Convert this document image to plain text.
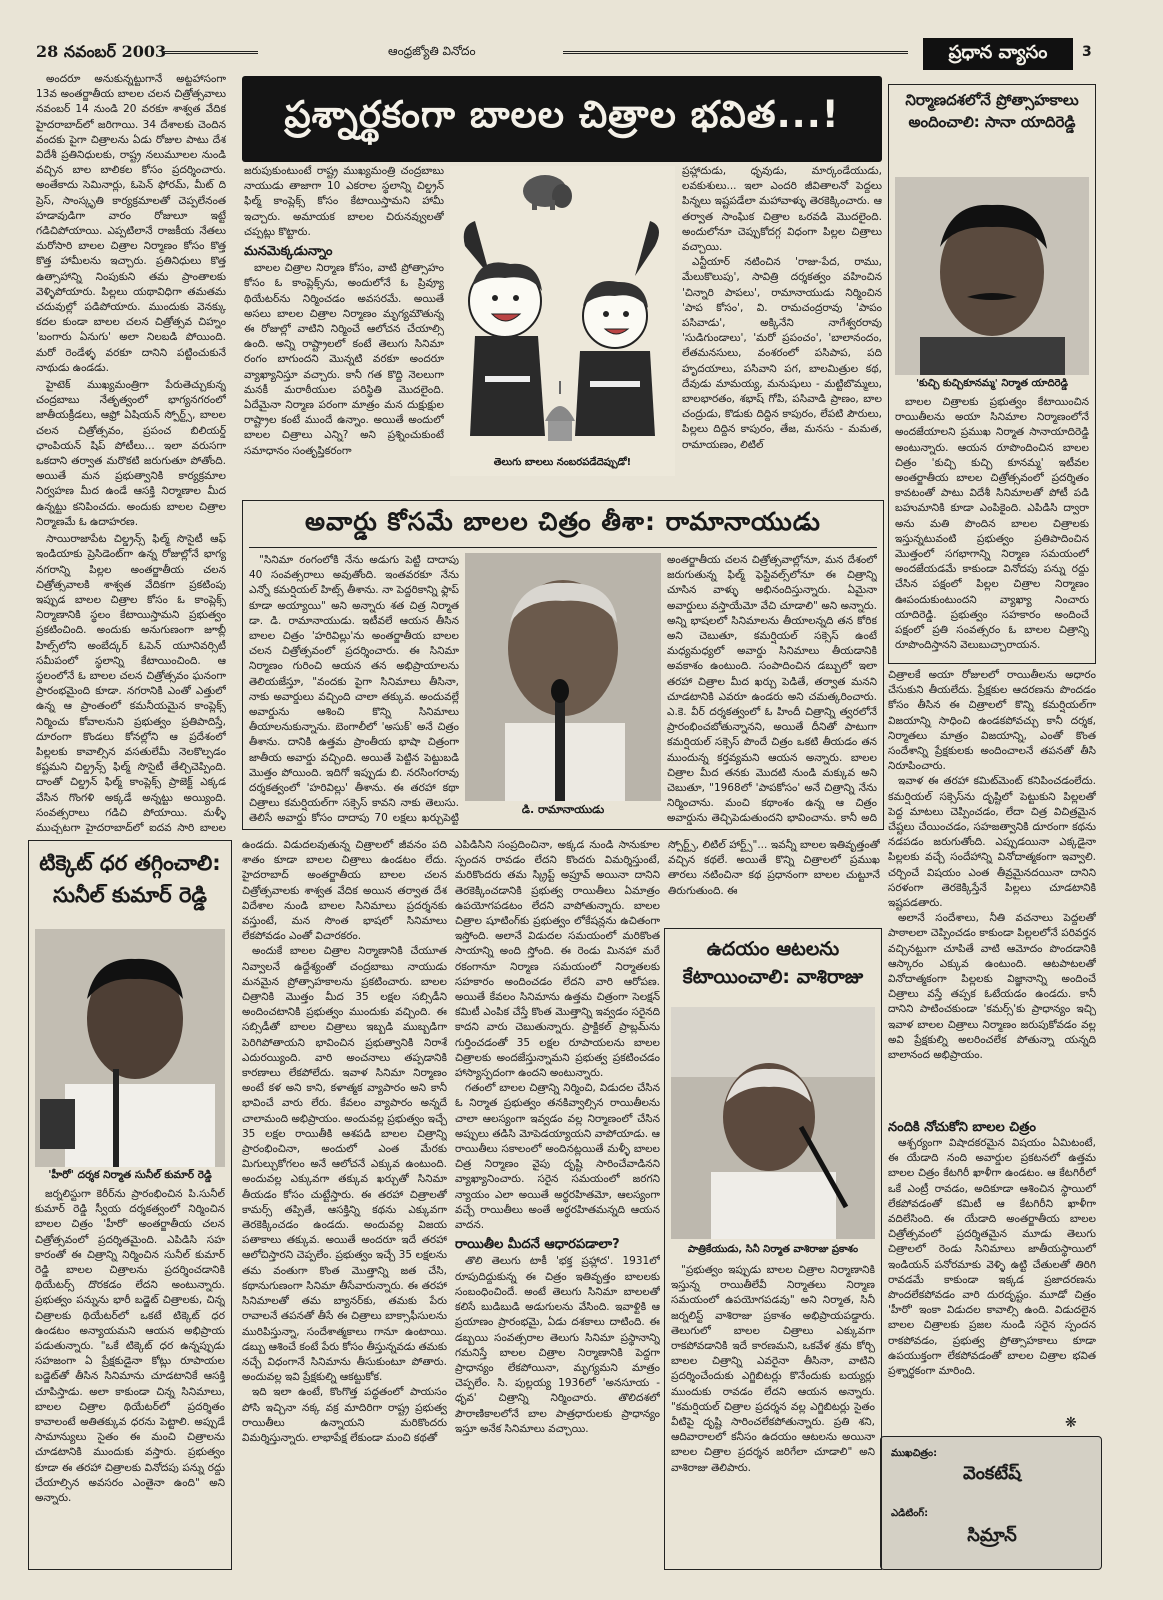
28 నవంబర్ 2003	ఆంధ్రజ్యోతి వినోదం	ప్రధాన వ్యాసం	3

అందరూ అనుకున్నట్టుగానే అట్టహాసంగా 13వ అంతర్జాతీయ బాలల చలన చిత్రోత్సవాలు నవంబర్ 14 నుండి 20 వరకూ శాశ్వత వేదిక హైదరాబాద్‌లో జరిగాయి. 34 దేశాలకు చెందిన వందకు పైగా చిత్రాలను ఏడు రోజుల పాటు దేశ విదేశీ ప్రతినిధులకు, రాష్ట్ర నలుమూలల నుండి వచ్చిన బాల బాలికల కోసం ప్రదర్శించారు. అంతేకాదు సెమినార్లు, ఓపెన్ ఫోరమ్, మీట్ ది ప్రెస్, సాంస్కృతి కార్యక్రమాలతో చెప్పలేనంత హడావుడిగా వారం రోజులూ ఇట్టే గడిచిపోయాయి. ఎప్పటిలానే రాజకీయ నేతలు మరోసారి బాలల చిత్రాల నిర్మాణం కోసం కొత్త కొత్త హామీలను ఇచ్చారు. ప్రతినిధులు కొత్త ఉత్సాహాన్ని నింపుకుని తమ ప్రాంతాలకు వెళ్ళిపోయారు. పిల్లలు యథావిధిగా తమతమ చదువుల్లో పడిపోయారు. ముందుకు వెనక్కు కదల కుండా బాలల చలన చిత్రోత్సవ చిహ్నం 'బంగారు ఏనుగు' అలా నిలబడి పోయింది. మరో రెండేళ్ళ వరకూ దానిని పట్టించుకునే నాథుడు ఉండడు.

హైటెక్ ముఖ్యమంత్రిగా పేరుతెచ్చుకున్న చంద్రబాబు నేతృత్వంలో భాగ్యనగరంలో జాతీయక్రీడలు, ఆఫ్రో ఏషియన్ స్పోర్ట్స్, బాలల చలన చిత్రోత్సవం, ప్రపంచ బిలియర్డ్ ఛాంపియన్ షిప్ పోటీలు... ఇలా వరుసగా ఒకదాని తర్వాత మరొకటి జరుగుతూ పోతోంది. అయితే మన ప్రభుత్వానికి కార్యక్రమాల నిర్వహణ మీద ఉండే ఆసక్తి నిర్మాణాల మీద ఉన్నట్టు కనిపించదు. అందుకు బాలల చిత్రాల నిర్మాణమే ఓ ఉదాహరణ.

సాయిరాజాపేట చిల్డ్రన్స్ ఫిల్మ్ సొసైటీ ఆఫ్ ఇండియాకు ప్రెసిడెంట్‌గా ఉన్న రోజుల్లోనే భాగ్య నగరాన్ని పిల్లల అంతర్జాతీయ చలన చిత్రోత్సవాలకి శాశ్వత వేదికగా ప్రకటింపు ఇప్పుడ బాలల చిత్రాల కోసం ఓ కాంప్లెక్స్ నిర్మాణానికి స్థలం కేటాయిస్తామని ప్రభుత్వం ప్రకటించింది. అందుకు అనుగుణంగా జూబ్లీ హిల్స్‌లోని అంబేద్కర్ ఓపెన్ యూనివర్సిటీ సమీపంలో స్థలాన్ని కేటాయించింది. ఆ స్థలంలోనే ఓ బాలల చలన చిత్రోత్సవం ఘనంగా ప్రారంభమైంది కూడా. నగరానికి ఎంతో ఎత్తులో ఉన్న ఆ ప్రాంతంలో కమనీయమైన కాంప్లెక్స్ నిర్మించు కోవాలనుని ప్రభుత్వం ప్రతిపాదిస్తే, దూరంగా కొండలు కోనల్లోని ఆ ప్రదేశంలో పిల్లలకు కావాల్సిన వసతులేమీ నెలకొల్పడం కష్టమని చిల్డ్రన్స్ ఫిల్మ్ సొసైటీ తేల్చిచెప్పింది. దాంతో చిల్డ్రన్ ఫిల్మ్ కాంప్లెక్స్ ప్రాజెక్ట్ ఎక్కడ వేసిన గొంగళి అక్కడే అన్నట్టు అయ్యింది. సంవత్సరాలు గడిచి పోయాయి. మళ్ళీ ముచ్చటగా హైదరాబాద్‌లో ఐదవ సారి బాలల

ప్రశ్నార్థకంగా బాలల చిత్రాల భవిత...!

జరుపుకుంటుంటే రాష్ట్ర ముఖ్యమంత్రి చంద్రబాబు నాయుడు తాజాగా 10 ఎకరాల స్థలాన్ని చిల్డ్రన్ ఫిల్మ్ కాంప్లెక్స్ కోసం కేటాయిస్తామని హామీ ఇచ్చారు. అమాయక బాలల చిరునవ్వులతో చప్పట్లు కొట్టారు.

మనమెక్కడున్నాం

బాలల చిత్రాల నిర్మాణ కోసం, వాటి ప్రోత్సాహం కోసం ఓ కాంప్లెక్స్‌ను, అందులోనే ఓ ప్రివ్యూ థియేటర్‌ను నిర్మించడం అవసరమే. అయితే అసలు బాలల చిత్రాల నిర్మాణం మృగ్యమౌతున్న ఈ రోజుల్లో వాటిని నిర్మించే ఆలోచన చేయాల్సి ఉంది. అన్ని రాష్ట్రాలలో కంటే తెలుగు సినిమా రంగం బాగుందని మొన్నటి వరకూ అందరూ వ్యాఖ్యానిస్తూ వచ్చారు. కానీ గత కొద్ది నెలలుగా మనకీ మరాఠీయుల పరిస్థితి మొదలైంది. ఏదేమైనా నిర్మాణ పరంగా మాత్రం మన దుక్షుక్షుల రాష్ట్రాల కంటే ముందే ఉన్నాం. అయితే అందులో బాలల చిత్రాలు ఎన్ని? అని ప్రశ్నించుకుంటే సమాధానం సంతృప్తికరంగా

తెలుగు బాలలు నంబరపడేదెప్పుడో!

ప్రహ్లాదుడు, ధృవుడు, మార్కండేయుడు, లవకుశులు... ఇలా ఎందరి జీవితాలనో పెద్దలు పిన్నలు ఇష్టపడేలా మహావాళ్ళు తెరకెక్కించారు. ఆ తర్వాత సాంఘిక చిత్రాల ఒరవడి మొదలైంది. అందులోనూ చెప్పుకోదగ్గ విధంగా పిల్లల చిత్రాలు వచ్చాయి.

ఎన్టీయార్ నటించిన 'రాజు-పేద, రాము, మేలుకొలుపు', సావిత్రి దర్శకత్వం వహించిన 'చిన్నారి పాపలు', రామానాయుడు నిర్మించిన 'పాప కోసం', వి. రామచంద్రరావు 'పాపం పసివాడు', అక్కినేని నాగేశ్వరరావు 'సుడిగుండాలు', 'మరో ప్రపంచం', 'బాలానందం, లేతమనసులు, వంశరంలో పసిపాప, పది హృదయాలు, పసివాని పగ, బాలమిత్రుల కథ, దేవుడు మామయ్య, మనుషులు - మట్టిబొమ్మలు, బాలభారతం, శభాష్ గోపి, పసివాడి ప్రాణం, బాల చంద్రుడు, కొడుకు దిద్దిన కాపురం, లేపటి పౌరులు, పిల్లలు దిద్దిన కాపురం, తేజ, మనసు - మమత, రామాయణం, లిటిల్

నిర్మాణదశలోనే ప్రోత్సాహకాలు అందించాలి: సానా యాదిరెడ్డి
'కుచ్చి కుచ్చికూనమ్మ' నిర్మాత యాదిరెడ్డి
బాలల చిత్రాలకు ప్రభుత్వం కేటాయించిన రాయితీలను అయా సినిమాల నిర్మాణంలోనే అందజేయాలని ప్రముఖ నిర్మాత సానాయాదిరెడ్డి అంటున్నారు. ఆయన రూపొందించిన బాలల చిత్రం 'కుచ్చి కుచ్చి కూనమ్మ' ఇటీవల అంతర్జాతీయ బాలల చిత్రోత్సవంలో ప్రదర్శితం కావటంతో పాటు విదేశీ సినిమాలతో పోటీ పడి బహుమానికి కూడా ఎంపికైంది. ఎపిడిసి ద్వారా అను మతి పొందిన బాలల చిత్రాలకు ఇస్తున్నటువంటి ప్రభుత్వం ప్రతిపాదించిన మొత్తంలో సగభాగాన్ని నిర్మాణ సమయంలో అందజేయడమే కాకుండా వినోదపు పన్ను రద్దు చేసిన పక్షంలో పిల్లల చిత్రాల నిర్మాణం ఊపందుకుంటుందని వ్యాఖ్యా నించారు యాదిరెడ్డి. ప్రభుత్వం సహకారం అందించే పక్షంలో ప్రతి సంవత్సరం ఓ బాలల చిత్రాన్ని రూపొందిస్తానని వెలుబుచ్చారాయన.

చిత్రాలకే అయా రోజులలో రాయితీలను అధారం చేసుకుని తీయలేదు. ప్రేక్షకుల ఆదరణను పొందడం కోసం తీసిన ఈ చిత్రాలలో కొన్ని కమర్షియల్‌గా విజయాన్ని సాధించి ఉండకపోవచ్చు కానీ దర్శక, నిర్మాతలు మాత్రం విజయాన్ని, ఎంతో కొంత సందేశాన్ని ప్రేక్షకులకు అందించాలనే తపనతో తీసి నిరూపించారు.

ఇవాళ ఈ తరహా కమిట్‌మెంట్ కనిపించడంలేదు. కమర్షియల్ సక్సెస్‌ను దృష్టిలో పెట్టుకుని పిల్లలతో పెద్ద మాటలు చెప్పించడం, లేదా చిత్ర విచిత్రమైన చేష్టలు చేయించడం, సహజత్వానికి దూరంగా కథను నడపడం జరుగుతోంది. ఎప్పుడయినా ఎక్కడైనా పిల్లలకు వచ్చే సందేహాన్ని వినోదాత్మకంగా ఇవ్వాలి. చర్చించే విషయం ఎంత తీవ్రమైనదయినా దానిని సరళంగా తెరకెక్కిస్తేనే పిల్లలు చూడటానికి ఇష్టపడతారు.

అలానే సందేశాలు, నీతి వచనాలు పెద్దలతో పాఠాలలా చెప్పించడం కాకుండా పిల్లలలోనే పరివర్తన వచ్చినట్టుగా చూపితే వాటి ఆమోదం పొందడానికి ఆస్కారం ఎక్కువ ఉంటుంది. ఆటపాటలతో వినోదాత్మకంగా పిల్లలకు విజ్ఞానాన్ని అందించే చిత్రాలు వస్తే తప్పక ఓటేయడం ఉండదు. కానీ దానిని పాటించకుండా 'కమర్స్'కు ప్రాధాన్యం ఇచ్చి ఇవాళ బాలల చిత్రాలు నిర్మాణం జరుపుకోవడం వల్ల అవి ప్రేక్షకుల్ని అలరించలేక పోతున్నా యన్నది బాలానంద అభిప్రాయం.

నందికి నోచుకోని బాలల చిత్రం
ఆశ్చర్యంగా విషాదకరమైన విషయం ఏమిటంటే, ఈ యేడాది నంది అవార్డుల ప్రకటనలో ఉత్తమ బాలల చిత్రం కేటగిరీ ఖాళీగా ఉండటం. ఆ కేటగిరీలో ఒకే ఎంట్రీ రావడం, అదికూడా ఆశించిన స్థాయిలో లేకపోవడంతో కమిటీ ఆ కేటగిరీని ఖాళీగా వదిలేసింది. ఈ యేడాది అంతర్జాతీయ బాలల చిత్రోత్సవంలో ప్రదర్శితమైన మూడు తెలుగు చిత్రాలలో రెండు సినిమాలు జాతీయస్థాయిలో ఇండియన్ పనోరమాకు వెళ్ళి ఉట్టి చేతులతో తిరిగి రావడమే కాకుండా ఇక్కడ ప్రజాదరణను పొందలేకపోవడం వారి దురదృష్టం. మూడో చిత్రం 'హీరో' ఇంకా విడుదల కావాల్సి ఉంది. విడుదలైన బాలల చిత్రాలకు ప్రజల నుండి సరైన స్పందన రాకపోవడం, ప్రభుత్వ ప్రోత్సాహకాలు కూడా ఉపయుక్తంగా లేకపోవడంతో బాలల చిత్రాల భవిత ప్రశ్నార్థకంగా మారింది.
❋
ముఖచిత్రం:
వెంకటేష్
ఎడిటింగ్:
సిమ్రాన్
అవార్డు కోసమే బాలల చిత్రం తీశా: రామానాయుడు
"సినిమా రంగంలోకి నేను అడుగు పెట్టి దాదాపు 40 సంవత్సరాలు అవుతోంది. ఇంతవరకూ నేను ఎన్నో కమర్షియల్ హిట్స్ తీశాను. నా పెద్దరికాన్ని ఫ్లాప్ కూడా అయ్యాయి" అని అన్నారు శత చిత్ర నిర్మాత డా. డి. రామానాయుడు. ఇటీవలే ఆయన తీసిన బాలల చిత్రం 'హరివిల్లు'ను అంతర్జాతీయ బాలల చలన చిత్రోత్సవంలో ప్రదర్శించారు. ఈ సినిమా నిర్మాణం గురించి ఆయన తన అభిప్రాయాలను తెలియజేస్తూ, "వందకు పైగా సినిమాలు తీసినా, నాకు అవార్డులు వచ్చింది చాలా తక్కువ. అందువల్లే అవార్డును ఆశించి కొన్ని సినిమాలు తీయాలనుకున్నాను. బెంగాలీలో 'అసుక్' అనే చిత్రం తీశాను. దానికి ఉత్తమ ప్రాంతీయ భాషా చిత్రంగా జాతీయ అవార్డు వచ్చింది. అయితే పెట్టిన పెట్టుబడి మొత్తం పోయింది. ఇదిగో ఇప్పుడు బి. నరసింగరావు దర్శకత్వంలో 'హరివిల్లు' తీశాను. ఈ తరహా కథా చిత్రాలు కమర్షియల్‌గా సక్సెస్ కావని నాకు తెలుసు. తెలిసే అవార్డు కోసం దాదాపు 70 లక్షలు ఖర్చుపెట్టి
డి. రామానాయుడు
అంతర్జాతీయ చలన చిత్రోత్సవాల్లోనూ, మన దేశంలో జరుగుతున్న ఫిల్మ్ ఫెస్టివల్స్‌లోనూ ఈ చిత్రాన్ని చూసిన వాళ్ళు అభినందిస్తున్నారు. ఏమైనా అవార్డులు వస్తాయేమో వేచి చూడాలి" అని అన్నారు. అన్ని భాషలలో సినిమాలను తీయాలన్నది తన కోరిక అని చెబుతూ, కమర్షియల్ సక్సెస్ ఉంటే మధ్యమధ్యలో అవార్డు సినిమాలు తీయడానికి అవకాశం ఉంటుంది. సంపాదించిన డబ్బులో ఇలా తరహా చిత్రాల మీద ఖర్చు పెడితే, తర్వాత మనని చూడటానికి ఎవరూ ఉండరు అని చమత్కరించారు. ఎ.కె. వీర్ దర్శకత్వంలో ఓ హిందీ చిత్రాన్ని త్వరలోనే ప్రారంభించబోతున్నానని, అయితే దీనితో పాటుగా కమర్షియల్ సక్సెస్ పొందే చిత్రం ఒకటి తీయడం తన ముందున్న కర్తవ్యమని ఆయన అన్నారు. బాలల చిత్రాల మీద తనకు మొదటి నుండి మక్కువ అని చెబుతూ, "1968లో 'పాపకోసం' అనే చిత్రాన్ని నేను నిర్మించాను. మంచి కథాంశం ఉన్న ఆ చిత్రం అవార్డును తెచ్చిపెడుతుందని భావించాను. కానీ అది
టిక్కెట్ ధర తగ్గించాలి: సునీల్ కుమార్ రెడ్డి
'హీరో' దర్శక నిర్మాత సునీల్ కుమార్ రెడ్డి
జర్నలిస్టుగా కెరీర్‌ను ప్రారంభించిన పి.సునీల్ కుమార్ రెడ్డి స్వీయ దర్శకత్వంలో నిర్మించిన బాలల చిత్రం 'హీరో' అంతర్జాతీయ చలన చిత్రోత్సవంలో ప్రదర్శితమైంది. ఎపిడిసి సహ కారంతో ఈ చిత్రాన్ని నిర్మించిన సునీల్ కుమార్ రెడ్డి బాలల చిత్రాలను ప్రదర్శించడానికి థియేటర్స్ దొరకడం లేదని అంటున్నారు. ప్రభుత్వం పన్నును భారీ బడ్జెట్ చిత్రాలకు, చిన్న చిత్రాలకు థియేటర్‌లో ఒకటే టిక్కెట్ ధర ఉండటం అన్యాయమని ఆయన అభిప్రాయ పడుతున్నారు. "ఒకే టిక్కెట్ ధర ఉన్నప్పుడు సహజంగా ఏ ప్రేక్షకుడైనా కోట్లు రూపాయల బడ్జెట్‌తో తీసిన సినిమాను చూడటానికే ఆసక్తి చూపిస్తాడు. అలా కాకుండా చిన్న సినిమాలు, బాలల చిత్రాల థియేటర్‌లో ప్రదర్శితం కావాలంటే అతితక్కువ ధరను పెట్టాలి. అప్పుడే సామాన్యులు సైతం ఈ మంచి చిత్రాలను చూడటానికి ముందుకు వస్తారు. ప్రభుత్వం కూడా ఈ తరహా చిత్రాలకు వినోదపు పన్ను రద్దు చేయాల్సిన అవసరం ఎంతైనా ఉంది" అని అన్నారు.

ఉండదు. విడుదలవుతున్న చిత్రాలలో జీవనం పది శాతం కూడా బాలల చిత్రాలు ఉండటం లేదు. హైదరాబాద్ అంతర్జాతీయ బాలల చలన చిత్రోత్సవాలకు శాశ్వత వేదిక అయిన తర్వాత దేశ విదేశాల నుండి బాలల సినిమాలు ప్రదర్శనకు వస్తుంటే, మన సొంత భాషలో సినిమాలు లేకపోవడం ఎంతో విచారకరం.

అందుకే బాలల చిత్రాల నిర్మాణానికి చేయూత నివ్వాలనే ఉద్దేశ్యంతో చంద్రబాబు నాయుడు మనమైన ప్రోత్సాహకాలను ప్రకటించారు. బాలల చిత్రానికి మొత్తం మీద 35 లక్షల సబ్సిడీని అందించటానికి ప్రభుత్వం ముందుకు వచ్చింది. ఈ సబ్సిడీతో బాలల చిత్రాలు ఇబ్బడి ముబ్బడిగా పెరిగిపోతాయని భావించిన ప్రభుత్వానికి నిరాశే ఎదురయ్యింది. వారి అంచనాలు తప్పడానికి కారణాలు లేకపోలేదు. ఇవాళ సినిమా నిర్మాణం అంటే కళ అని కాని, కళాత్మక వ్యాపారం అని కానీ భావించే వారు లేరు. కేవలం వ్యాపారం అన్నదే చాలామంది అభిప్రాయం. అందువల్ల ప్రభుత్వం ఇచ్చే 35 లక్షల రాయితీకి ఆశపడి బాలల చిత్రాన్ని ప్రారంభించినా, అందులో ఎంత మేరకు మిగుల్చుకోగలం అనే ఆలోచనే ఎక్కువ ఉంటుంది. అందువల్ల ఎక్కువగా తక్కువ ఖర్చుతో సినిమా తీయడం కోసం చుట్టేస్తారు. ఈ తరహా చిత్రాలతో కామర్స్ తప్పితే, ఆసక్తిన్ని కథను ఎక్కువగా తెరకెక్కించడం ఉండదు. అందువల్ల విజయ పతాకాలు తక్కువ. అయితే అందరూ ఇదే తరహా ఆలోచిస్తారని చెప్పలేం. ప్రభుత్వం ఇచ్చే 35 లక్షలను తమ వంతుగా కొంత మొత్తాన్ని జత చేసి, కథానుగుణంగా సినిమా తీసేవారున్నారు. ఈ తరహా సినిమాలతో తమ బ్యానర్‌కు, తమకు పేరు రావాలనే తపనతో తీసే ఈ చిత్రాలు బాక్సాఫీసులను మురిపిస్తున్నా, సందేశాత్మకాలు గానూ ఉంటాయి. డబ్బు ఆశించే కంటే పేరు కోసం తీస్తున్నవడు తమకు నచ్చే విధంగానే సినిమాను తీసుకుంటూ పోతారు. అందువల్ల ఇవి ప్రేక్షకుల్ని ఆకట్టుకోక.

ఇది ఇలా ఉంటే, కొంగొత్త పద్ధతంలో పాయసం పోసి ఇచ్చినా నక్క వక్ర మాదిరిగా రాష్ట్ర ప్రభుత్వ రాయితీలు ఉన్నాయని మరికొందరు విమర్శిస్తున్నారు. లాభాపేక్ష లేకుండా మంచి కథతో

ఎపిడిసిని సంప్రదించినా, అక్కడ నుండి సానుకూల స్పందన రావడం లేదని కొందరు విమర్శిస్తుంటే, మరికొందరు తమ స్క్రిప్ట్ అప్రూవ్ అయినా దానిని తెరకెక్కించడానికి ప్రభుత్వ రాయితీలు ఏమాత్రం ఉపయోగపడటం లేదని వాపోతున్నారు. బాలల చిత్రాల షూటింగ్‌కు ప్రభుత్వం లోకేషన్లను ఉచితంగా ఇస్తోంది. అలానే విడుదల సమయంలో మరికొంత సాయాన్ని అంది స్తోంది. ఈ రెండు మినహా మరే రకంగానూ నిర్మాణ సమయంలో నిర్మాతలకు సహకారం అందించడం లేదని వారి ఆరోపణ. అయితే కేవలం సినిమాను ఉత్తమ చిత్రంగా సెలక్షన్ కమిటీ ఎంపిక చేస్తే కొంత మొత్తాన్ని ఇవ్వడం సరైనది కాదని వారు చెబుతున్నారు. ప్రాక్టికల్ ప్రాబ్లమ్‌ను గుర్తించడంతో 35 లక్షల రూపాయలను బాలల చిత్రాలకు అందజేస్తున్నామని ప్రభుత్వ ప్రకటించడం హాస్యాస్పదంగా ఉందని అంటున్నారు.

గతంలో బాలల చిత్రాన్ని నిర్మించి, విడుదల చేసిన ఓ నిర్మాత ప్రభుత్వం తనకివ్వాల్సిన రాయితీలను చాలా ఆలస్యంగా ఇవ్వడం వల్ల నిర్మాణంలో చేసిన అప్పులు తడిసి మోపెడయ్యాయని వాపోయాడు. ఆ రాయితీలు సకాలంలో అందినట్లయితే మళ్ళీ బాలల చిత్ర నిర్మాణం వైపు దృష్టి సారించేవాడినని వ్యాఖ్యానించారు. సరైన సమయంలో జరగని న్యాయం ఎలా అయితే అర్థరహితమో, ఆలస్యంగా వచ్చే రాయితీలు అంతే అర్థరహితమన్నది ఆయన వాదన.

రాయితీల మీదనే ఆధారపడాలా?

తొలి తెలుగు టాకీ 'భక్త ప్రహ్లాద'. 1931లో రూపుదిద్దుకున్న ఈ చిత్రం ఇతివృత్తం బాలలకు సంబంధించిందే. అంటే తెలుగు సినిమా బాలలతో కలిసే బుడిబుడి అడుగులను వేసింది. ఇవాళ్టికి ఆ ప్రయాణం ప్రారంభమై, ఏడు దశకాలు దాటింది. ఈ డబ్బయి సంవత్సరాల తెలుగు సినిమా ప్రస్థానాన్ని గమనిస్తే బాలల చిత్రాల నిర్మాణానికి పెద్దగా ప్రాధాన్యం లేకపోయినా, మృగ్యమని మాత్రం చెప్పలేం. సి. పుల్లయ్య 1936లో 'అనసూయ - ధృవ' చిత్రాన్ని నిర్మించారు. తొలిదశలో పౌరాణికాలలోనే బాల పాత్రధారులకు ప్రాధాన్యం ఇస్తూ అనేక సినిమాలు వచ్చాయి.

స్పోర్ట్స్, లిటిల్ హార్ట్స్"... ఇవన్నీ బాలల ఇతివృత్తంతో వచ్చిన కథలే. అయితే కొన్ని చిత్రాలలో ప్రముఖ తారలు నటించినా కథ ప్రధానంగా బాలల చుట్టూనే తిరుగుతుంది. ఈ
ఉదయం ఆటలను కేటాయించాలి: వాశిరాజు
పాత్రికేయుడు, సినీ నిర్మాత వాశిరాజు ప్రకాశం
"ప్రభుత్వం ఇప్పుడు బాలల చిత్రాల నిర్మాణానికి ఇస్తున్న రాయితీలేవీ నిర్మాతలు నిర్మాణ సమయంలో ఉపయోగపడవు" అని నిర్మాత, సినీ జర్నలిస్ట్ వాశిరాజు ప్రకాశం అభిప్రాయపడ్డారు. తెలుగులో బాలల చిత్రాలు ఎక్కువగా రాకపోవడానికి ఇదే కారణమని, ఒకవేళ శ్రమ కోర్చి బాలల చిత్రాన్ని ఎవరైనా తీసినా, వాటిని ప్రదర్శించేందుకు ఎగ్జిబిటర్లు కొనేందుకు బయ్యర్లు ముందుకు రావడం లేదని ఆయన అన్నారు. "కమర్షియల్ చిత్రాల ప్రదర్శన వల్ల ఎగ్జిబిటర్లు సైతం వీటిపై దృష్టి సారించలేకపోతున్నారు. ప్రతి శని, ఆదివారాలలో కనీసం ఉదయం ఆటలను అయినా బాలల చిత్రాల ప్రదర్శన జరిగేలా చూడాలి" అని వాశిరాజు తెలిపారు.
